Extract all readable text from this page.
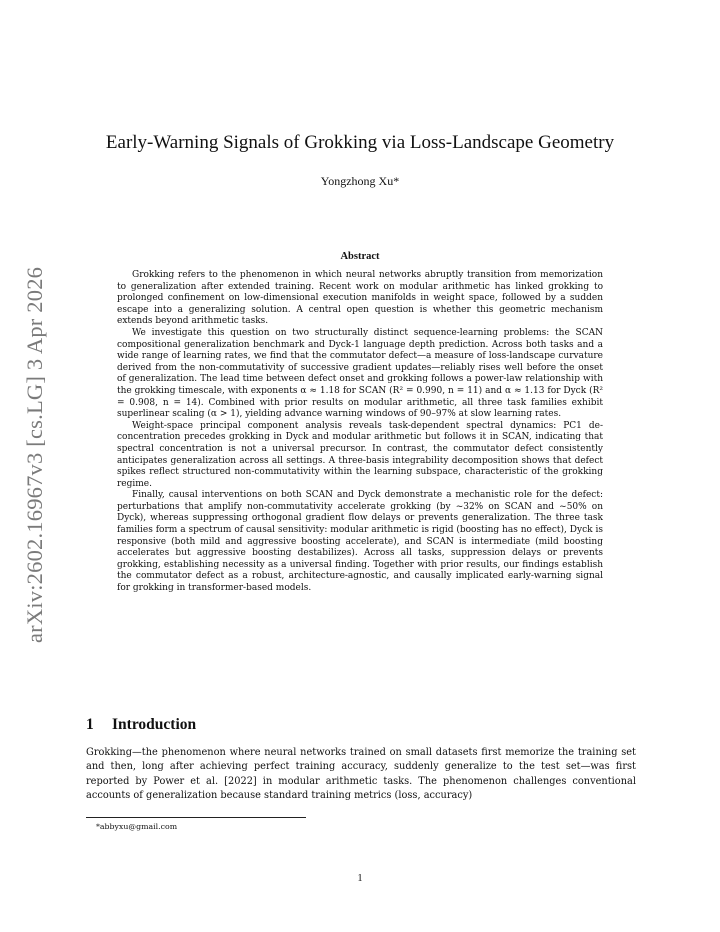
arXiv:2602.16967v3 [cs.LG] 3 Apr 2026
Early-Warning Signals of Grokking via Loss-Landscape Geometry
Yongzhong Xu*
Abstract

Grokking refers to the phenomenon in which neural networks abruptly transition from memorization to generalization after extended training. Recent work on modular arithmetic has linked grokking to prolonged confinement on low-dimensional execution manifolds in weight space, followed by a sudden escape into a generalizing solution. A central open question is whether this geometric mechanism extends beyond arithmetic tasks.

We investigate this question on two structurally distinct sequence-learning problems: the SCAN compositional generalization benchmark and Dyck-1 language depth prediction. Across both tasks and a wide range of learning rates, we find that the commutator defect—a measure of loss-landscape curvature derived from the non-commutativity of successive gradient updates—reliably rises well before the onset of generalization. The lead time between defect onset and grokking follows a power-law relationship with the grokking timescale, with exponents α ≈ 1.18 for SCAN (R² = 0.990, n = 11) and α ≈ 1.13 for Dyck (R² = 0.908, n = 14). Combined with prior results on modular arithmetic, all three task families exhibit superlinear scaling (α > 1), yielding advance warning windows of 90–97% at slow learning rates.

Weight-space principal component analysis reveals task-dependent spectral dynamics: PC1 de-concentration precedes grokking in Dyck and modular arithmetic but follows it in SCAN, indicating that spectral concentration is not a universal precursor. In contrast, the commutator defect consistently anticipates generalization across all settings. A three-basis integrability decomposition shows that defect spikes reflect structured non-commutativity within the learning subspace, characteristic of the grokking regime.

Finally, causal interventions on both SCAN and Dyck demonstrate a mechanistic role for the defect: perturbations that amplify non-commutativity accelerate grokking (by ~32% on SCAN and ~50% on Dyck), whereas suppressing orthogonal gradient flow delays or prevents generalization. The three task families form a spectrum of causal sensitivity: modular arithmetic is rigid (boosting has no effect), Dyck is responsive (both mild and aggressive boosting accelerate), and SCAN is intermediate (mild boosting accelerates but aggressive boosting destabilizes). Across all tasks, suppression delays or prevents grokking, establishing necessity as a universal finding. Together with prior results, our findings establish the commutator defect as a robust, architecture-agnostic, and causally implicated early-warning signal for grokking in transformer-based models.

1 Introduction

Grokking—the phenomenon where neural networks trained on small datasets first memorize the training set and then, long after achieving perfect training accuracy, suddenly generalize to the test set—was first reported by Power et al. [2022] in modular arithmetic tasks. The phenomenon challenges conventional accounts of generalization because standard training metrics (loss, accuracy)

*abbyxu@gmail.com
1
